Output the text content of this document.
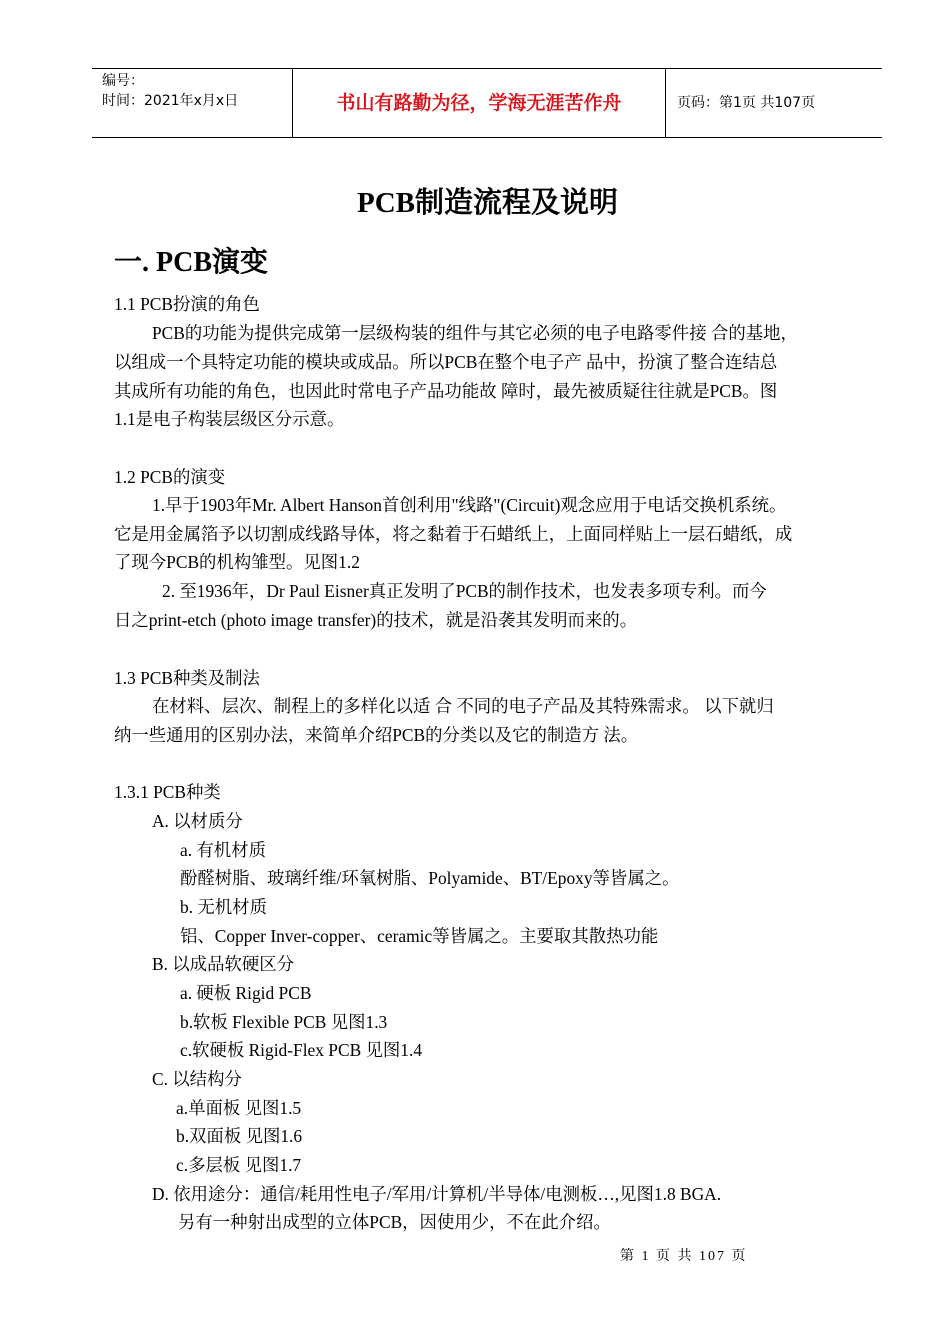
编号：
时间：2021年x月x日	书山有路勤为径，学海无涯苦作舟	页码：第1页 共107页
PCB制造流程及说明
一. PCB演变
1.1 PCB扮演的角色
PCB的功能为提供完成第一层级构装的组件与其它必须的电子电路零件接 合的基地，
以组成一个具特定功能的模块或成品。所以PCB在整个电子产 品中，扮演了整合连结总
其成所有功能的角色，也因此时常电子产品功能故 障时，最先被质疑往往就是PCB。图
1.1是电子构装层级区分示意。
1.2 PCB的演变
1.早于1903年Mr. Albert Hanson首创利用"线路"(Circuit)观念应用于电话交换机系统。
它是用金属箔予以切割成线路导体，将之黏着于石蜡纸上，上面同样贴上一层石蜡纸，成
了现今PCB的机构雏型。见图1.2
2. 至1936年，Dr Paul Eisner真正发明了PCB的制作技术，也发表多项专利。而今
日之print-etch (photo image transfer)的技术，就是沿袭其发明而来的。
1.3 PCB种类及制法
在材料、层次、制程上的多样化以适 合 不同的电子产品及其特殊需求。 以下就归
纳一些通用的区别办法，来简单介绍PCB的分类以及它的制造方 法。
1.3.1 PCB种类
A. 以材质分
a. 有机材质
酚醛树脂、玻璃纤维/环氧树脂、Polyamide、BT/Epoxy等皆属之。
b. 无机材质
铝、Copper Inver-copper、ceramic等皆属之。主要取其散热功能
B. 以成品软硬区分
a. 硬板 Rigid PCB
b.软板 Flexible PCB 见图1.3
c.软硬板 Rigid-Flex PCB 见图1.4
C. 以结构分
a.单面板 见图1.5
b.双面板 见图1.6
c.多层板 见图1.7
D. 依用途分：通信/耗用性电子/军用/计算机/半导体/电测板…,见图1.8 BGA.
另有一种射出成型的立体PCB，因使用少，不在此介绍。
第 1 页 共 107 页
